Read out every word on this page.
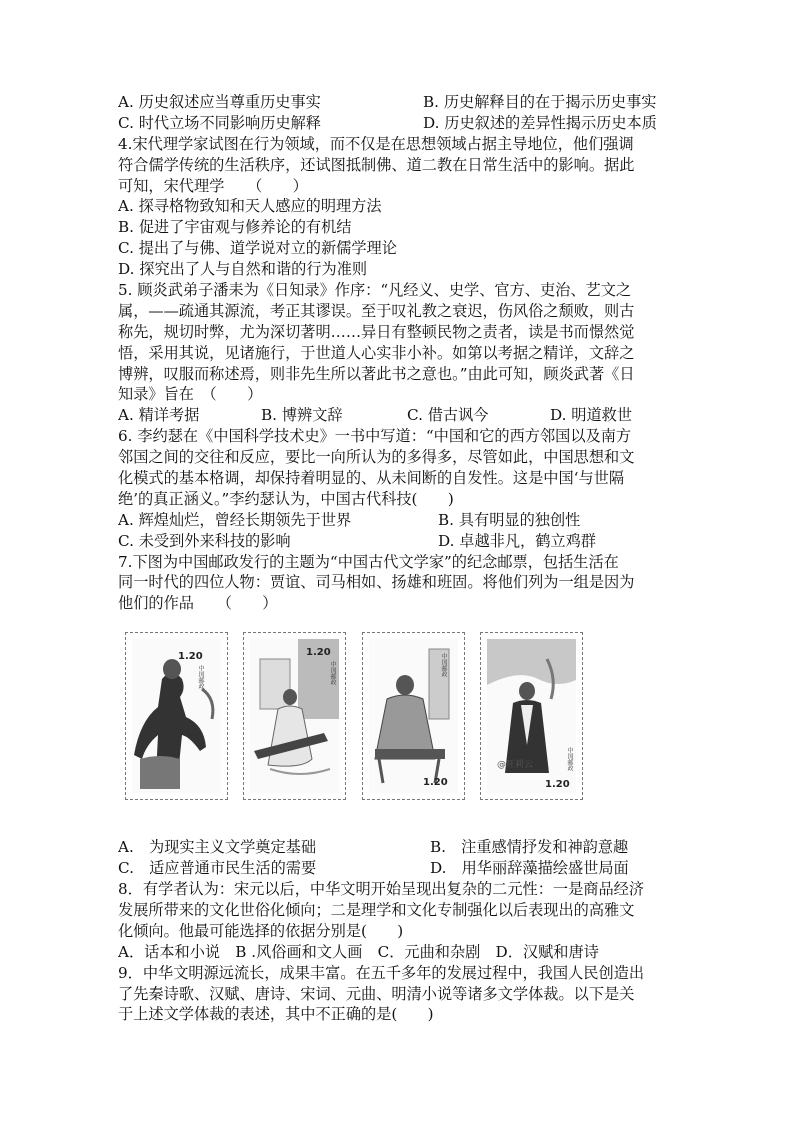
A. 历史叙述应当尊重历史事实	B. 历史解释目的在于揭示历史事实
C. 时代立场不同影响历史解释	D. 历史叙述的差异性揭示历史本质
4.宋代理学家试图在行为领域，而不仅是在思想领域占据主导地位，他们强调
符合儒学传统的生活秩序，还试图抵制佛、道二教在日常生活中的影响。据此
可知，宋代理学　　（　　）
A. 探寻格物致知和天人感应的明理方法
B. 促进了宇宙观与修养论的有机结
C. 提出了与佛、道学说对立的新儒学理论
D. 探究出了人与自然和谐的行为准则
5. 顾炎武弟子潘耒为《日知录》作序：“凡经义、史学、官方、吏治、艺文之
属，——疏通其源流，考正其谬误。至于叹礼教之衰迟，伤风俗之颓败，则古
称先，规切时弊，尤为深切著明……异日有整顿民物之责者，读是书而憬然觉
悟，采用其说，见诸施行，于世道人心实非小补。如第以考据之精详，文辞之
博辨，叹服而称述焉，则非先生所以著此书之意也。”由此可知，顾炎武著《日
知录》旨在　（　　）
A. 精详考据	B. 博辨文辞	C. 借古讽今	D. 明道救世
6. 李约瑟在《中国科学技术史》一书中写道：“中国和它的西方邻国以及南方
邻国之间的交往和反应，要比一向所认为的多得多，尽管如此，中国思想和文
化模式的基本格调，却保持着明显的、从未间断的自发性。这是中国‘与世隔
绝’的真正涵义。”李约瑟认为，中国古代科技(　　)
A. 辉煌灿烂，曾经长期领先于世界	B. 具有明显的独创性
C. 未受到外来科技的影响	D. 卓越非凡，鹤立鸡群
7.下图为中国邮政发行的主题为“中国古代文学家”的纪念邮票，包括生活在
同一时代的四位人物：贾谊、司马相如、扬雄和班固。将他们列为一组是因为
他们的作品　　（　　）
1.20
中国邮政
1.20
中国邮政	中国邮政
1.20
@旺莉云	中国邮政
1.20
A.　为现实主义文学奠定基础	B.　注重感情抒发和神韵意趣
C.　适应普通市民生活的需要	D.　用华丽辞藻描绘盛世局面
8．有学者认为：宋元以后，中华文明开始呈现出复杂的二元性：一是商品经济
发展所带来的文化世俗化倾向；二是理学和文化专制强化以后表现出的高雅文
化倾向。他最可能选择的依据分别是(　　)
A．话本和小说　B .风俗画和文人画　C．元曲和杂剧　D．汉赋和唐诗
9．中华文明源远流长，成果丰富。在五千多年的发展过程中，我国人民创造出
了先秦诗歌、汉赋、唐诗、宋词、元曲、明清小说等诸多文学体裁。以下是关
于上述文学体裁的表述，其中不正确的是(　　)
